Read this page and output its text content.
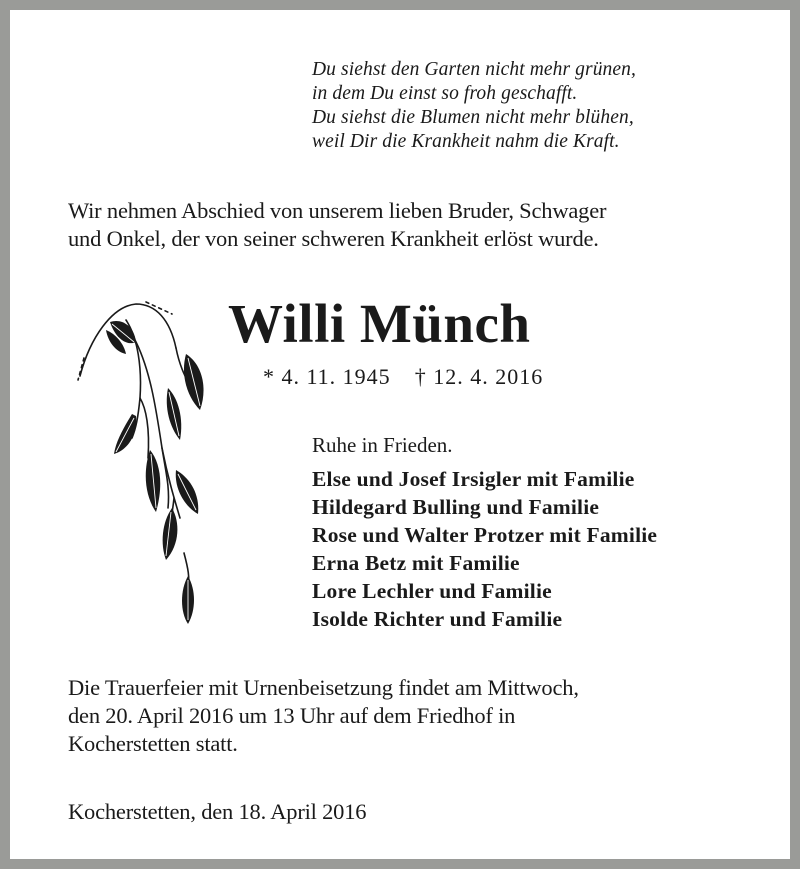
Du siehst den Garten nicht mehr grünen,
in dem Du einst so froh geschafft.
Du siehst die Blumen nicht mehr blühen,
weil Dir die Krankheit nahm die Kraft.
Wir nehmen Abschied von unserem lieben Bruder, Schwager
und Onkel, der von seiner schweren Krankheit erlöst wurde.
Willi Münch
* 4. 11. 1945 † 12. 4. 2016
Ruhe in Frieden.
Else und Josef Irsigler mit Familie
Hildegard Bulling und Familie
Rose und Walter Protzer mit Familie
Erna Betz mit Familie
Lore Lechler und Familie
Isolde Richter und Familie
Die Trauerfeier mit Urnenbeisetzung findet am Mittwoch,
den 20. April 2016 um 13 Uhr auf dem Friedhof in
Kocherstetten statt.
Kocherstetten, den 18. April 2016
